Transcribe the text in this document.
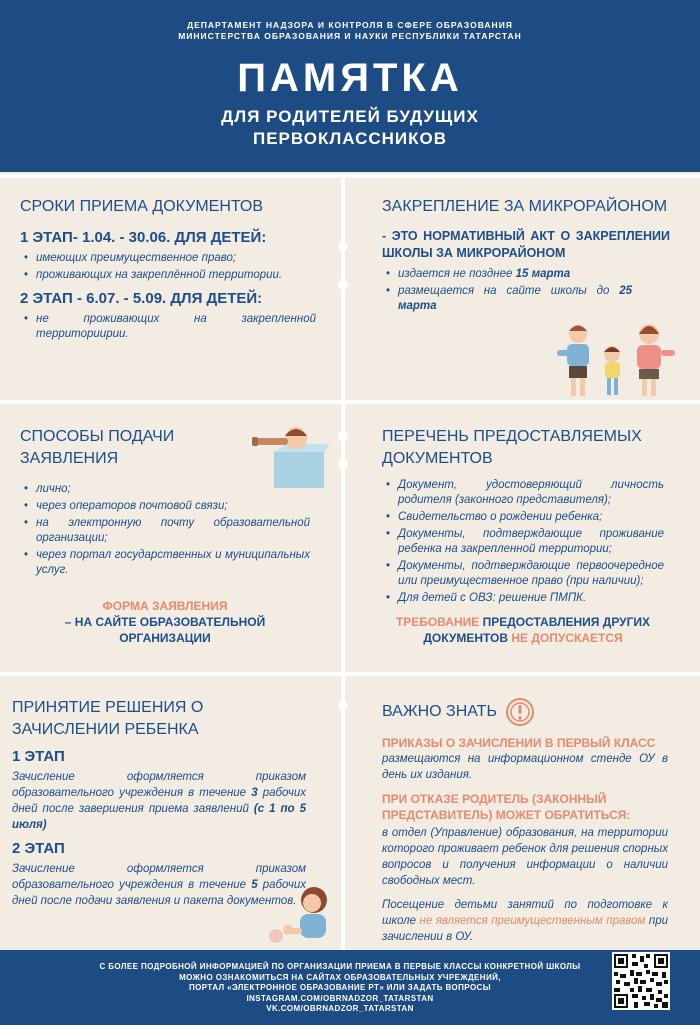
ДЕПАРТАМЕНТ НАДЗОРА И КОНТРОЛЯ В СФЕРЕ ОБРАЗОВАНИЯ
МИНИСТЕРСТВА ОБРАЗОВАНИЯ И НАУКИ РЕСПУБЛИКИ ТАТАРСТАН
ПАМЯТКА
ДЛЯ РОДИТЕЛЕЙ БУДУЩИХ
ПЕРВОКЛАССНИКОВ
СРОКИ ПРИЕМА ДОКУМЕНТОВ
1 ЭТАП- 1.04. - 30.06. ДЛЯ ДЕТЕЙ:
• имеющих преимущественное право;
• проживающих на закреплённой территории.
2 ЭТАП - 6.07. - 5.09. ДЛЯ ДЕТЕЙ:
• не проживающих на закрепленной территориирии.
ЗАКРЕПЛЕНИЕ ЗА МИКРОРАЙОНОМ
- ЭТО НОРМАТИВНЫЙ АКТ О ЗАКРЕПЛЕНИИ ШКОЛЫ ЗА МИКРОРАЙОНОМ
• издается не позднее 15 марта
• размещается на сайте школы до 25 марта
СПОСОБЫ ПОДАЧИ
ЗАЯВЛЕНИЯ
• лично;
• через операторов почтовой связи;
• на электронную почту образовательной организации;
• через портал государственных и муниципальных услуг.
ФОРМА ЗАЯВЛЕНИЯ
– НА САЙТЕ ОБРАЗОВАТЕЛЬНОЙ
ОРГАНИЗАЦИИ
ПЕРЕЧЕНЬ ПРЕДОСТАВЛЯЕМЫХ
ДОКУМЕНТОВ
• Документ, удостоверяющий личность родителя (законного представителя);
• Свидетельство о рождении ребенка;
• Документы, подтверждающие проживание ребенка на закрепленной территории;
• Документы, подтверждающие первоочередное или преимущественное право (при наличии);
• Для детей с ОВЗ: решение ПМПК.
ТРЕБОВАНИЕ ПРЕДОСТАВЛЕНИЯ ДРУГИХ
ДОКУМЕНТОВ НЕ ДОПУСКАЕТСЯ
ПРИНЯТИЕ РЕШЕНИЯ О
ЗАЧИСЛЕНИИ РЕБЕНКА
1 ЭТАП
Зачисление оформляется приказом образовательного учреждения в течение 3 рабочих дней после завершения приема заявлений (с 1 по 5 июля)
2 ЭТАП
Зачисление оформляется приказом образовательного учреждения в течение 5 рабочих дней после подачи заявления и пакета документов.
ВАЖНО ЗНАТЬ
ПРИКАЗЫ О ЗАЧИСЛЕНИИ В ПЕРВЫЙ КЛАСС
размещаются на информационном стенде ОУ в день их издания.
ПРИ ОТКАЗЕ РОДИТЕЛЬ (ЗАКОННЫЙ
ПРЕДСТАВИТЕЛЬ) МОЖЕТ ОБРАТИТЬСЯ:
в отдел (Управление) образования, на территории которого проживает ребенок для решения спорных вопросов и получения информации о наличии свободных мест.
Посещение детьми занятий по подготовке к школе не является преимущественным правом при зачислении в ОУ.
С БОЛЕЕ ПОДРОБНОЙ ИНФОРМАЦИЕЙ ПО ОРГАНИЗАЦИИ ПРИЕМА В ПЕРВЫЕ КЛАССЫ КОНКРЕТНОЙ ШКОЛЫ
МОЖНО ОЗНАКОМИТЬСЯ НА САЙТАХ ОБРАЗОВАТЕЛЬНЫХ УЧРЕЖДЕНИЙ,
ПОРТАЛ «ЭЛЕКТРОННОЕ ОБРАЗОВАНИЕ РТ» ИЛИ ЗАДАТЬ ВОПРОСЫ
INSTAGRAM.COM/OBRNADZOR_TATARSTAN
VK.COM/OBRNADZOR_TATARSTAN
